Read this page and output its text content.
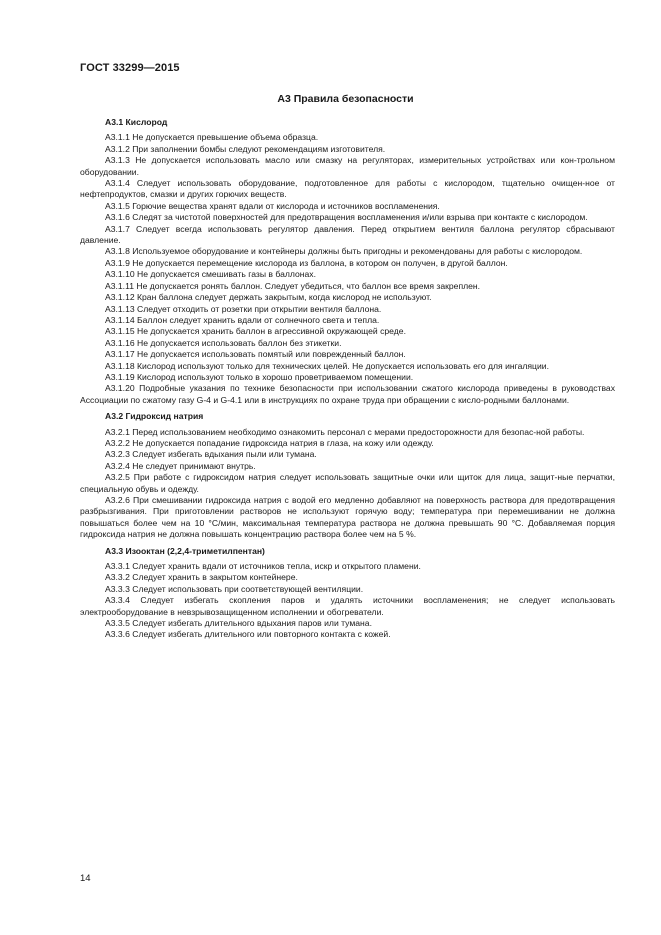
ГОСТ 33299—2015
А3 Правила безопасности
А3.1 Кислород
А3.1.1 Не допускается превышение объема образца.
А3.1.2 При заполнении бомбы следуют рекомендациям изготовителя.
А3.1.3 Не допускается использовать масло или смазку на регуляторах, измерительных устройствах или кон-трольном оборудовании.
А3.1.4 Следует использовать оборудование, подготовленное для работы с кислородом, тщательно очищен-ное от нефтепродуктов, смазки и других горючих веществ.
А3.1.5 Горючие вещества хранят вдали от кислорода и источников воспламенения.
А3.1.6 Следят за чистотой поверхностей для предотвращения воспламенения и/или взрыва при контакте с кислородом.
А3.1.7 Следует всегда использовать регулятор давления. Перед открытием вентиля баллона регулятор сбрасывают давление.
А3.1.8 Используемое оборудование и контейнеры должны быть пригодны и рекомендованы для работы с кислородом.
А3.1.9 Не допускается перемещение кислорода из баллона, в котором он получен, в другой баллон.
А3.1.10 Не допускается смешивать газы в баллонах.
А3.1.11 Не допускается ронять баллон. Следует убедиться, что баллон все время закреплен.
А3.1.12 Кран баллона следует держать закрытым, когда кислород не используют.
А3.1.13 Следует отходить от розетки при открытии вентиля баллона.
А3.1.14 Баллон следует хранить вдали от солнечного света и тепла.
А3.1.15 Не допускается хранить баллон в агрессивной окружающей среде.
А3.1.16 Не допускается использовать баллон без этикетки.
А3.1.17 Не допускается использовать помятый или поврежденный баллон.
А3.1.18 Кислород используют только для технических целей. Не допускается использовать его для ингаляции.
А3.1.19 Кислород используют только в хорошо проветриваемом помещении.
А3.1.20 Подробные указания по технике безопасности при использовании сжатого кислорода приведены в руководствах Ассоциации по сжатому газу G-4 и G-4.1 или в инструкциях по охране труда при обращении с кисло-родными баллонами.
А3.2 Гидроксид натрия
А3.2.1 Перед использованием необходимо ознакомить персонал с мерами предосторожности для безопас-ной работы.
А3.2.2 Не допускается попадание гидроксида натрия в глаза, на кожу или одежду.
А3.2.3 Следует избегать вдыхания пыли или тумана.
А3.2.4 Не следует принимают внутрь.
А3.2.5 При работе с гидроксидом натрия следует использовать защитные очки или щиток для лица, защит-ные перчатки, специальную обувь и одежду.
А3.2.6 При смешивании гидроксида натрия с водой его медленно добавляют на поверхность раствора для предотвращения разбрызгивания. При приготовлении растворов не используют горячую воду; температура при перемешивании не должна повышаться более чем на 10 °С/мин, максимальная температура раствора не должна превышать 90 °С. Добавляемая порция гидроксида натрия не должна повышать концентрацию раствора более чем на 5 %.
А3.3 Изооктан (2,2,4-триметилпентан)
А3.3.1 Следует хранить вдали от источников тепла, искр и открытого пламени.
А3.3.2 Следует хранить в закрытом контейнере.
А3.3.3 Следует использовать при соответствующей вентиляции.
А3.3.4 Следует избегать скопления паров и удалять источники воспламенения; не следует использовать электрооборудование в невзрывозащищенном исполнении и обогреватели.
А3.3.5 Следует избегать длительного вдыхания паров или тумана.
А3.3.6 Следует избегать длительного или повторного контакта с кожей.
14
